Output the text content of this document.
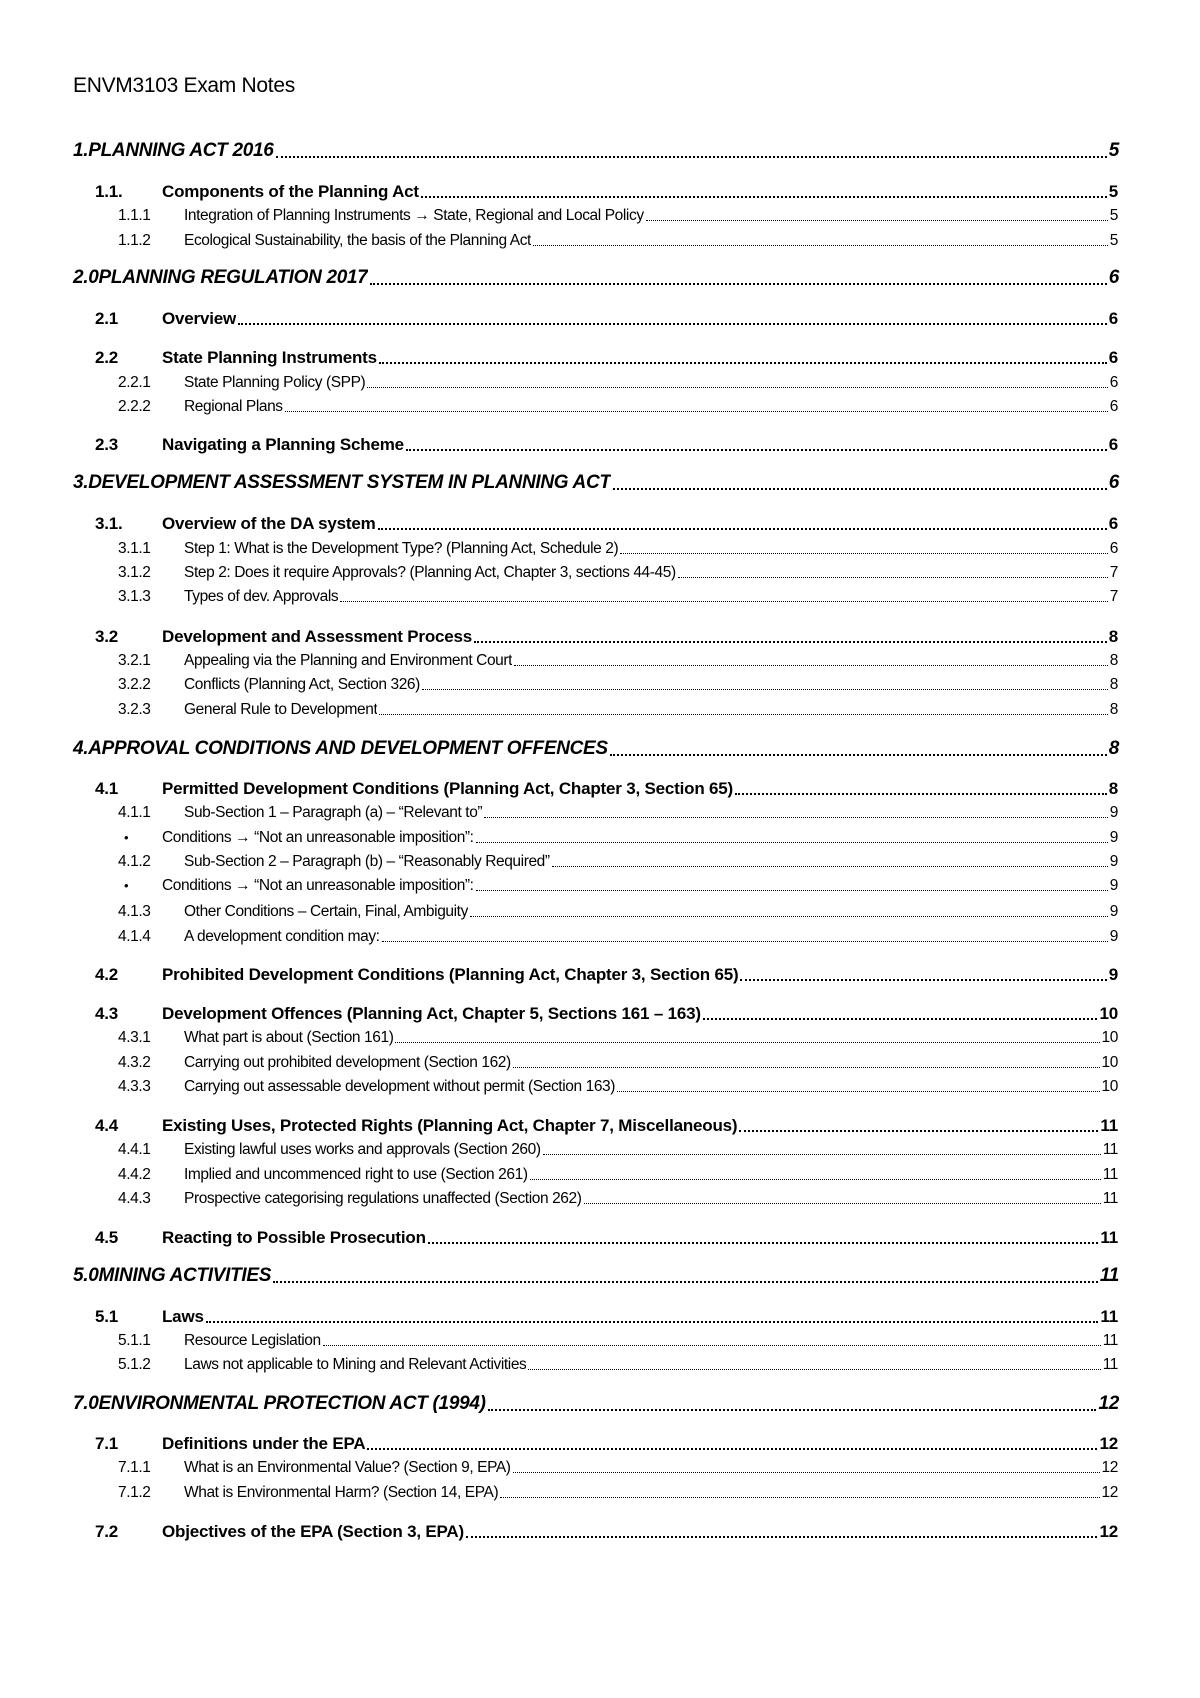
ENVM3103 Exam Notes
1. PLANNING ACT 2016	5
1.1.	Components of the Planning Act	5
1.1.1	Integration of Planning Instruments → State, Regional and Local Policy	5
1.1.2	Ecological Sustainability, the basis of the Planning Act	5
2.0 PLANNING REGULATION 2017	6
2.1	Overview	6
2.2	State Planning Instruments	6
2.2.1	State Planning Policy (SPP)	6
2.2.2	Regional Plans	6
2.3	Navigating a Planning Scheme	6
3. DEVELOPMENT ASSESSMENT SYSTEM IN PLANNING ACT	6
3.1.	Overview of the DA system	6
3.1.1	Step 1: What is the Development Type? (Planning Act, Schedule 2)	6
3.1.2	Step 2: Does it require Approvals? (Planning Act, Chapter 3, sections 44-45)	7
3.1.3	Types of dev. Approvals	7
3.2	Development and Assessment Process	8
3.2.1	Appealing via the Planning and Environment Court	8
3.2.2	Conflicts (Planning Act, Section 326)	8
3.2.3	General Rule to Development	8
4. APPROVAL CONDITIONS AND DEVELOPMENT OFFENCES	8
4.1	Permitted Development Conditions (Planning Act, Chapter 3, Section 65)	8
4.1.1	Sub-Section 1 – Paragraph (a) – “Relevant to”	9
•	Conditions → “Not an unreasonable imposition”:	9
4.1.2	Sub-Section 2 – Paragraph (b) – “Reasonably Required”	9
•	Conditions → “Not an unreasonable imposition”:	9
4.1.3	Other Conditions – Certain, Final, Ambiguity	9
4.1.4	A development condition may:	9
4.2	Prohibited Development Conditions (Planning Act, Chapter 3, Section 65)	9
4.3	Development Offences (Planning Act, Chapter 5, Sections 161 – 163)	10
4.3.1	What part is about (Section 161)	10
4.3.2	Carrying out prohibited development (Section 162)	10
4.3.3	Carrying out assessable development without permit (Section 163)	10
4.4	Existing Uses, Protected Rights (Planning Act, Chapter 7, Miscellaneous)	11
4.4.1	Existing lawful uses works and approvals (Section 260)	11
4.4.2	Implied and uncommenced right to use (Section 261)	11
4.4.3	Prospective categorising regulations unaffected (Section 262)	11
4.5	Reacting to Possible Prosecution	11
5.0 MINING ACTIVITIES	11
5.1	Laws	11
5.1.1	Resource Legislation	11
5.1.2	Laws not applicable to Mining and Relevant Activities	11
7.0 ENVIRONMENTAL PROTECTION ACT (1994)	12
7.1	Definitions under the EPA	12
7.1.1	What is an Environmental Value? (Section 9, EPA)	12
7.1.2	What is Environmental Harm? (Section 14, EPA)	12
7.2	Objectives of the EPA (Section 3, EPA)	12
